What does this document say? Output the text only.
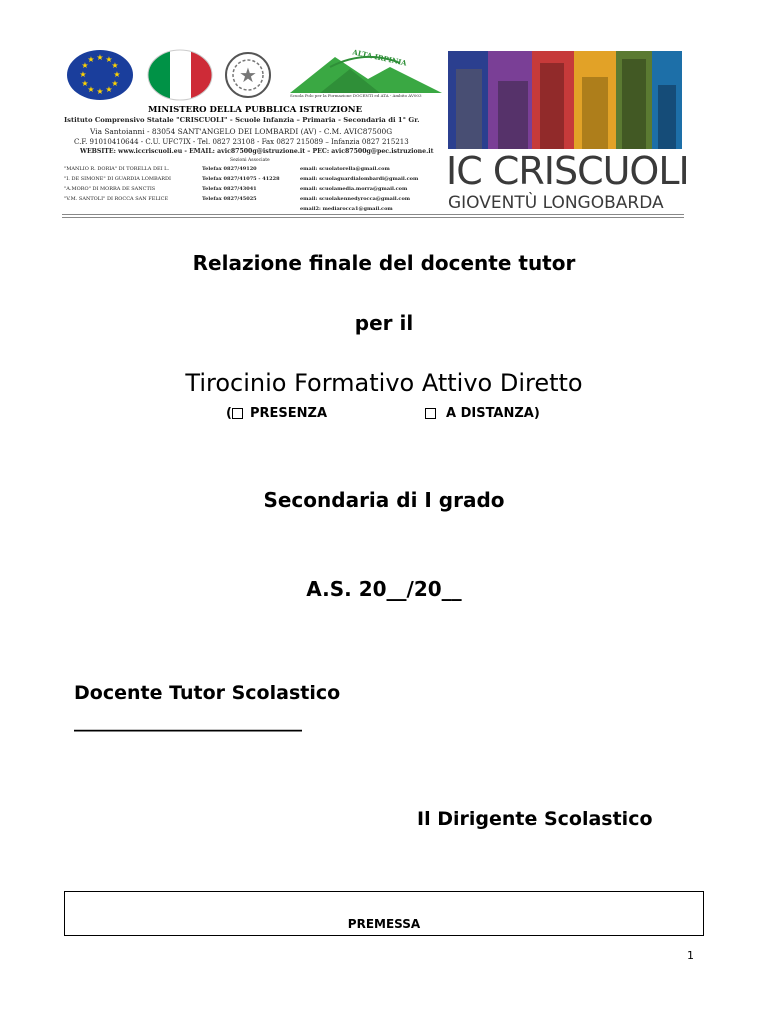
★ ★
★
★
★
★
★
★
★
★
★
★
★
ALTA IRPINIA
Scuola Polo per la Formazione DOCENTI ed ATA - Ambito AV003
MINISTERO DELLA PUBBLICA ISTRUZIONE
Istituto Comprensivo Statale "CRISCUOLI" - Scuole Infanzia – Primaria - Secondaria di 1° Gr.
Via Santoianni - 83054 SANT'ANGELO DEI LOMBARDI (AV) - C.M. AVIC87500G
C.F. 91010410644 - C.U. UFC7IX - Tel. 0827 23108 - Fax 0827 215089 – Infanzia 0827 215213
WEBSITE: www.iccriscuoli.eu - EMAIL: avic87500g@istruzione.it – PEC: avic87500g@pec.istruzione.it
Sezioni Associate
"MANLIO R. DORIA" DI TORELLA DEI L.	Telefax 0827/49120	email: scuolatorella@gmail.com
"I. DE SIMONE" DI GUARDIA LOMBARDI	Telefax 0827/41075 - 41228	email: scuolaguardialombardi@gmail.com
"A.MORO" DI MORRA DE SANCTIS	Telefax 0827/43041	email: scuolamedia.morra@gmail.com
"V.M. SANTOLI" DI ROCCA SAN FELICE	Telefax 0827/45025	email: scuolakennedyrocca@gmail.com
email2: mediarocca1@gmail.com
IC CRISCUOLI
GIOVENTÙ LONGOBARDA
Relazione finale del docente tutor
per il
Tirocinio Formativo Attivo Diretto
( PRESENZA	A DISTANZA)
Secondaria di I grado
A.S. 20__/20__
Docente Tutor Scolastico
________________________
Il Dirigente Scolastico
PREMESSA
1
